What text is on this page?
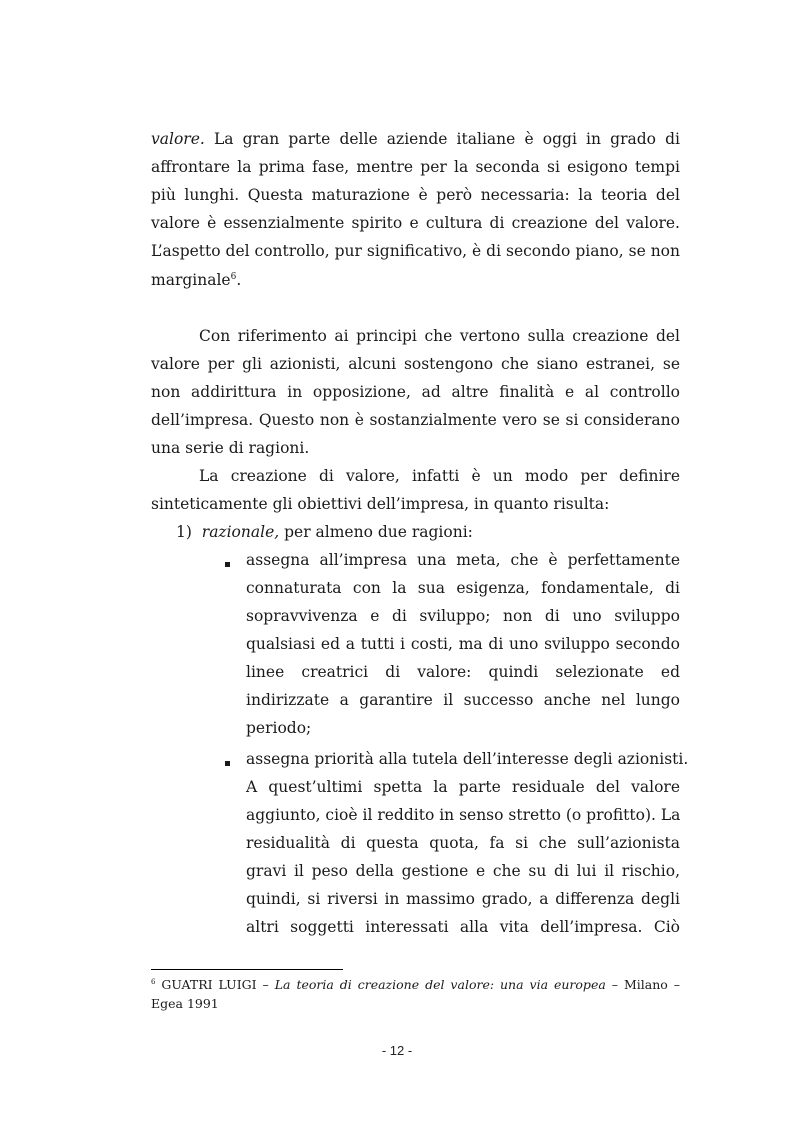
valore. La gran parte delle aziende italiane è oggi in grado di
affrontare la prima fase, mentre per la seconda si esigono tempi
più lunghi. Questa maturazione è però necessaria: la teoria del
valore è essenzialmente spirito e cultura di creazione del valore.
L’aspetto del controllo, pur significativo, è di secondo piano, se non
marginale$^6$.
Con riferimento ai principi che vertono sulla creazione del
valore per gli azionisti, alcuni sostengono che siano estranei, se
non addirittura in opposizione, ad altre finalità e al controllo
dell’impresa. Questo non è sostanzialmente vero se si considerano
una serie di ragioni.
La creazione di valore, infatti è un modo per definire
sinteticamente gli obiettivi dell’impresa, in quanto risulta:
1) razionale, per almeno due ragioni:
assegna all’impresa una meta, che è perfettamente
connaturata con la sua esigenza, fondamentale, di
sopravvivenza e di sviluppo; non di uno sviluppo
qualsiasi ed a tutti i costi, ma di uno sviluppo secondo
linee creatrici di valore: quindi selezionate ed
indirizzate a garantire il successo anche nel lungo
periodo;
assegna priorità alla tutela dell’interesse degli azionisti.
A quest’ultimi spetta la parte residuale del valore
aggiunto, cioè il reddito in senso stretto (o profitto). La
residualità di questa quota, fa si che sull’azionista
gravi il peso della gestione e che su di lui il rischio,
quindi, si riversi in massimo grado, a differenza degli
altri soggetti interessati alla vita dell’impresa. Ciò
$^6$ GUATRI LUIGI – La teoria di creazione del valore: una via europea – Milano –
Egea 1991
- 12 -
